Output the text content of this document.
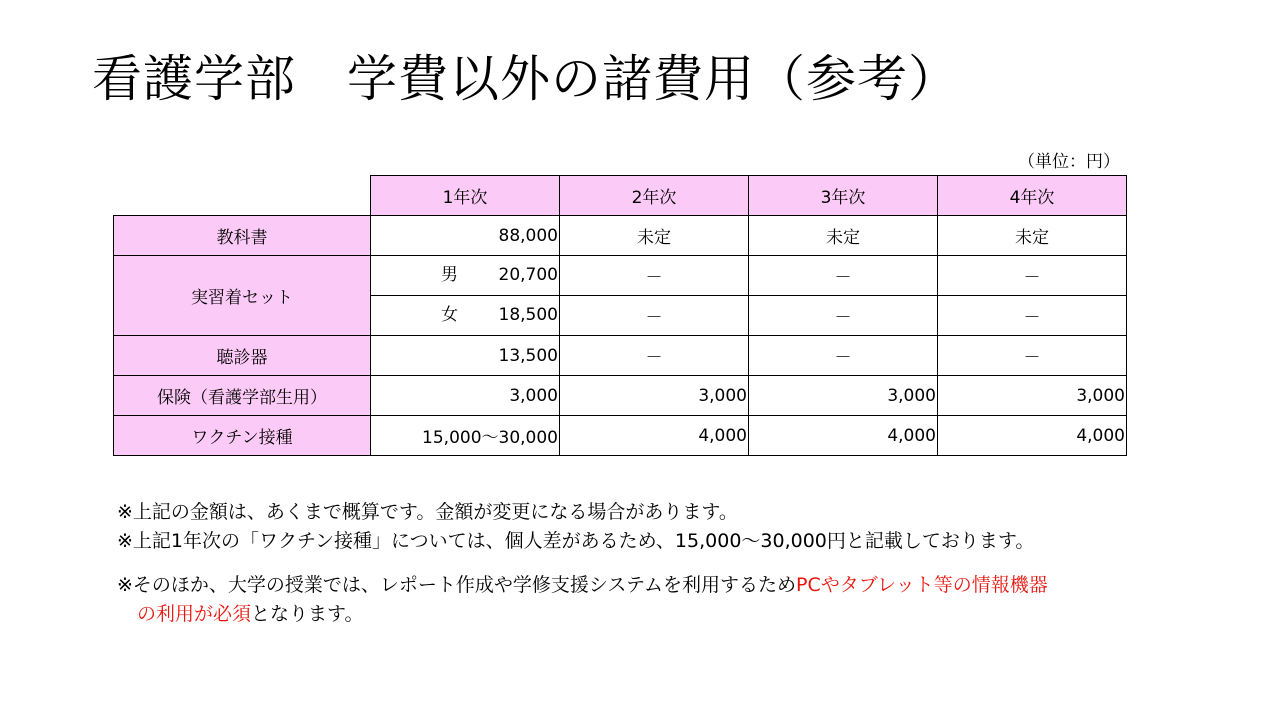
看護学部　学費以外の諸費用（参考）
（単位：円）
	1年次	2年次	3年次	4年次
教科書	88,000	未定	未定	未定
実習着セット	男 20,700	－	－	－

	女 18,500	－	－	－
聴診器	13,500	－	－	－
保険（看護学部生用）	3,000	3,000	3,000	3,000
ワクチン接種	15,000～30,000	4,000	4,000	4,000
※上記の金額は、あくまで概算です。金額が変更になる場合があります。
※上記1年次の「ワクチン接種」については、個人差があるため、15,000～30,000円と記載しております。
※そのほか、大学の授業では、レポート作成や学修支援システムを利用するためPCやタブレット等の情報機器
の利用が必須となります。
